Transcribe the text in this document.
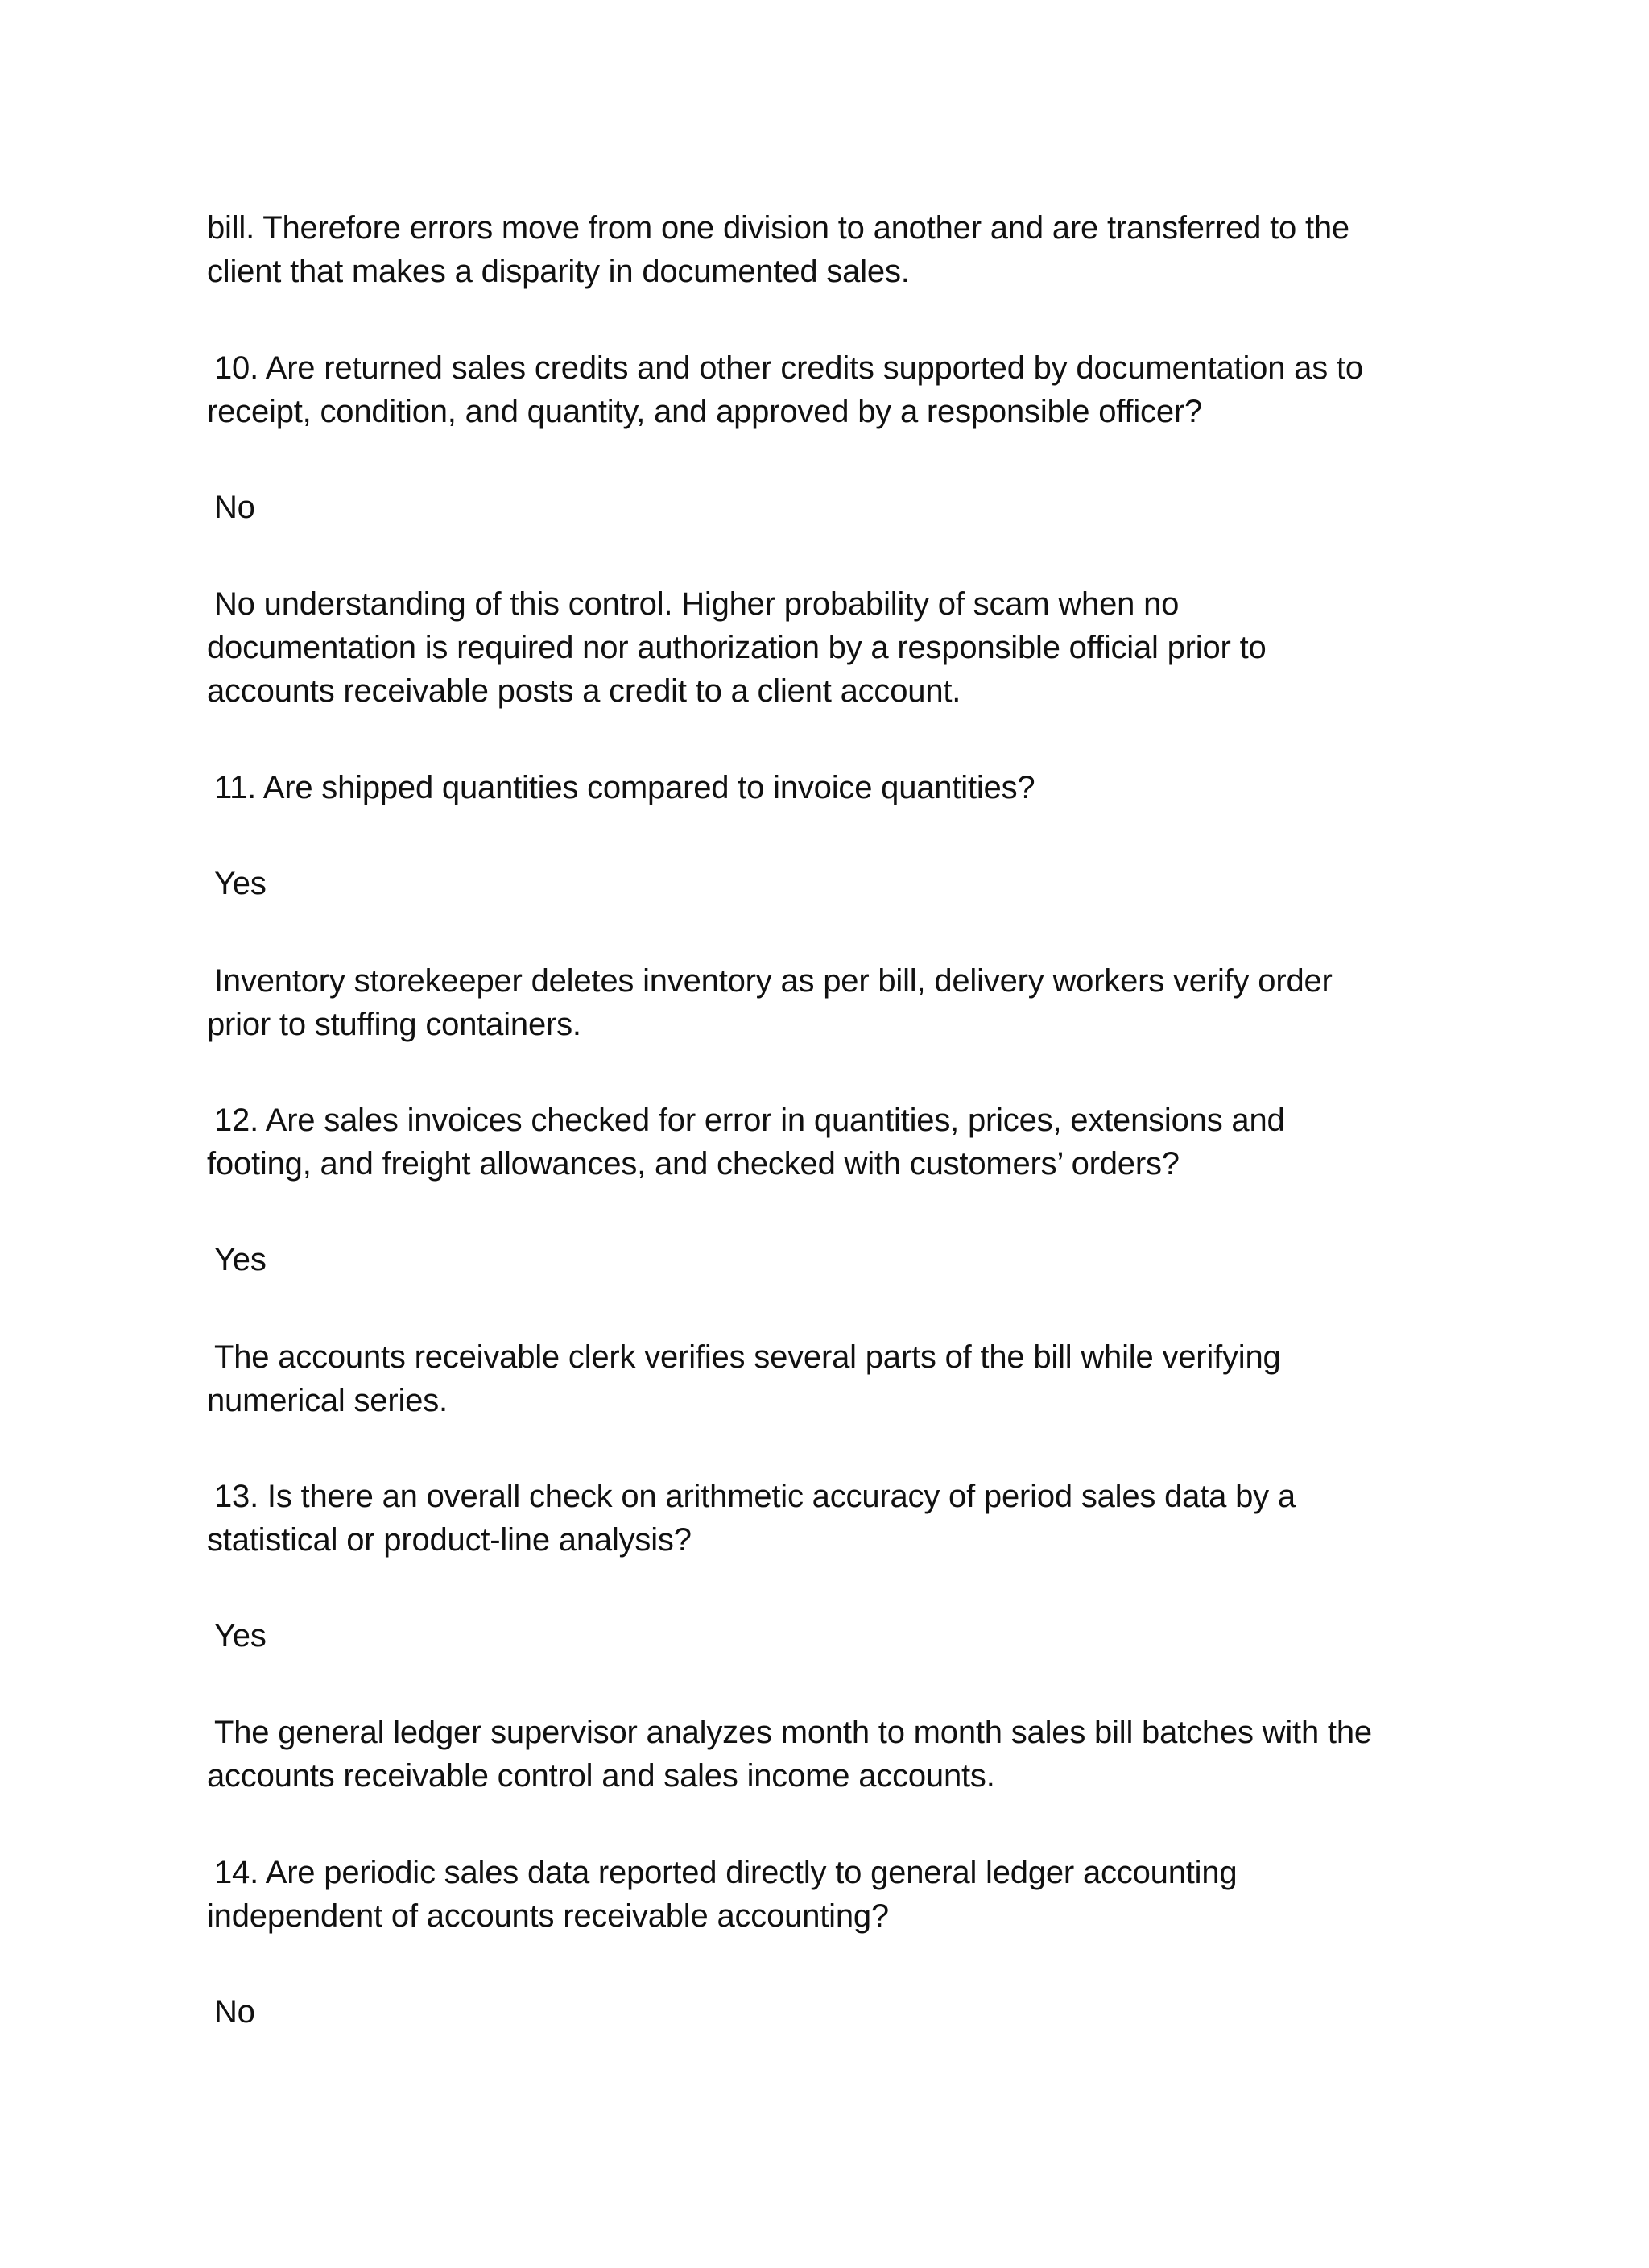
bill. Therefore errors move from one division to another and are transferred to the
client that makes a disparity in documented sales.
10. Are returned sales credits and other credits supported by documentation as to
receipt, condition, and quantity, and approved by a responsible officer?
No
No understanding of this control. Higher probability of scam when no
documentation is required nor authorization by a responsible official prior to
accounts receivable posts a credit to a client account.
11. Are shipped quantities compared to invoice quantities?
Yes
Inventory storekeeper deletes inventory as per bill, delivery workers verify order
prior to stuffing containers.
12. Are sales invoices checked for error in quantities, prices, extensions and
footing, and freight allowances, and checked with customers’ orders?
Yes
The accounts receivable clerk verifies several parts of the bill while verifying
numerical series.
13. Is there an overall check on arithmetic accuracy of period sales data by a
statistical or product-line analysis?
Yes
The general ledger supervisor analyzes month to month sales bill batches with the
accounts receivable control and sales income accounts.
14. Are periodic sales data reported directly to general ledger accounting
independent of accounts receivable accounting?
No
